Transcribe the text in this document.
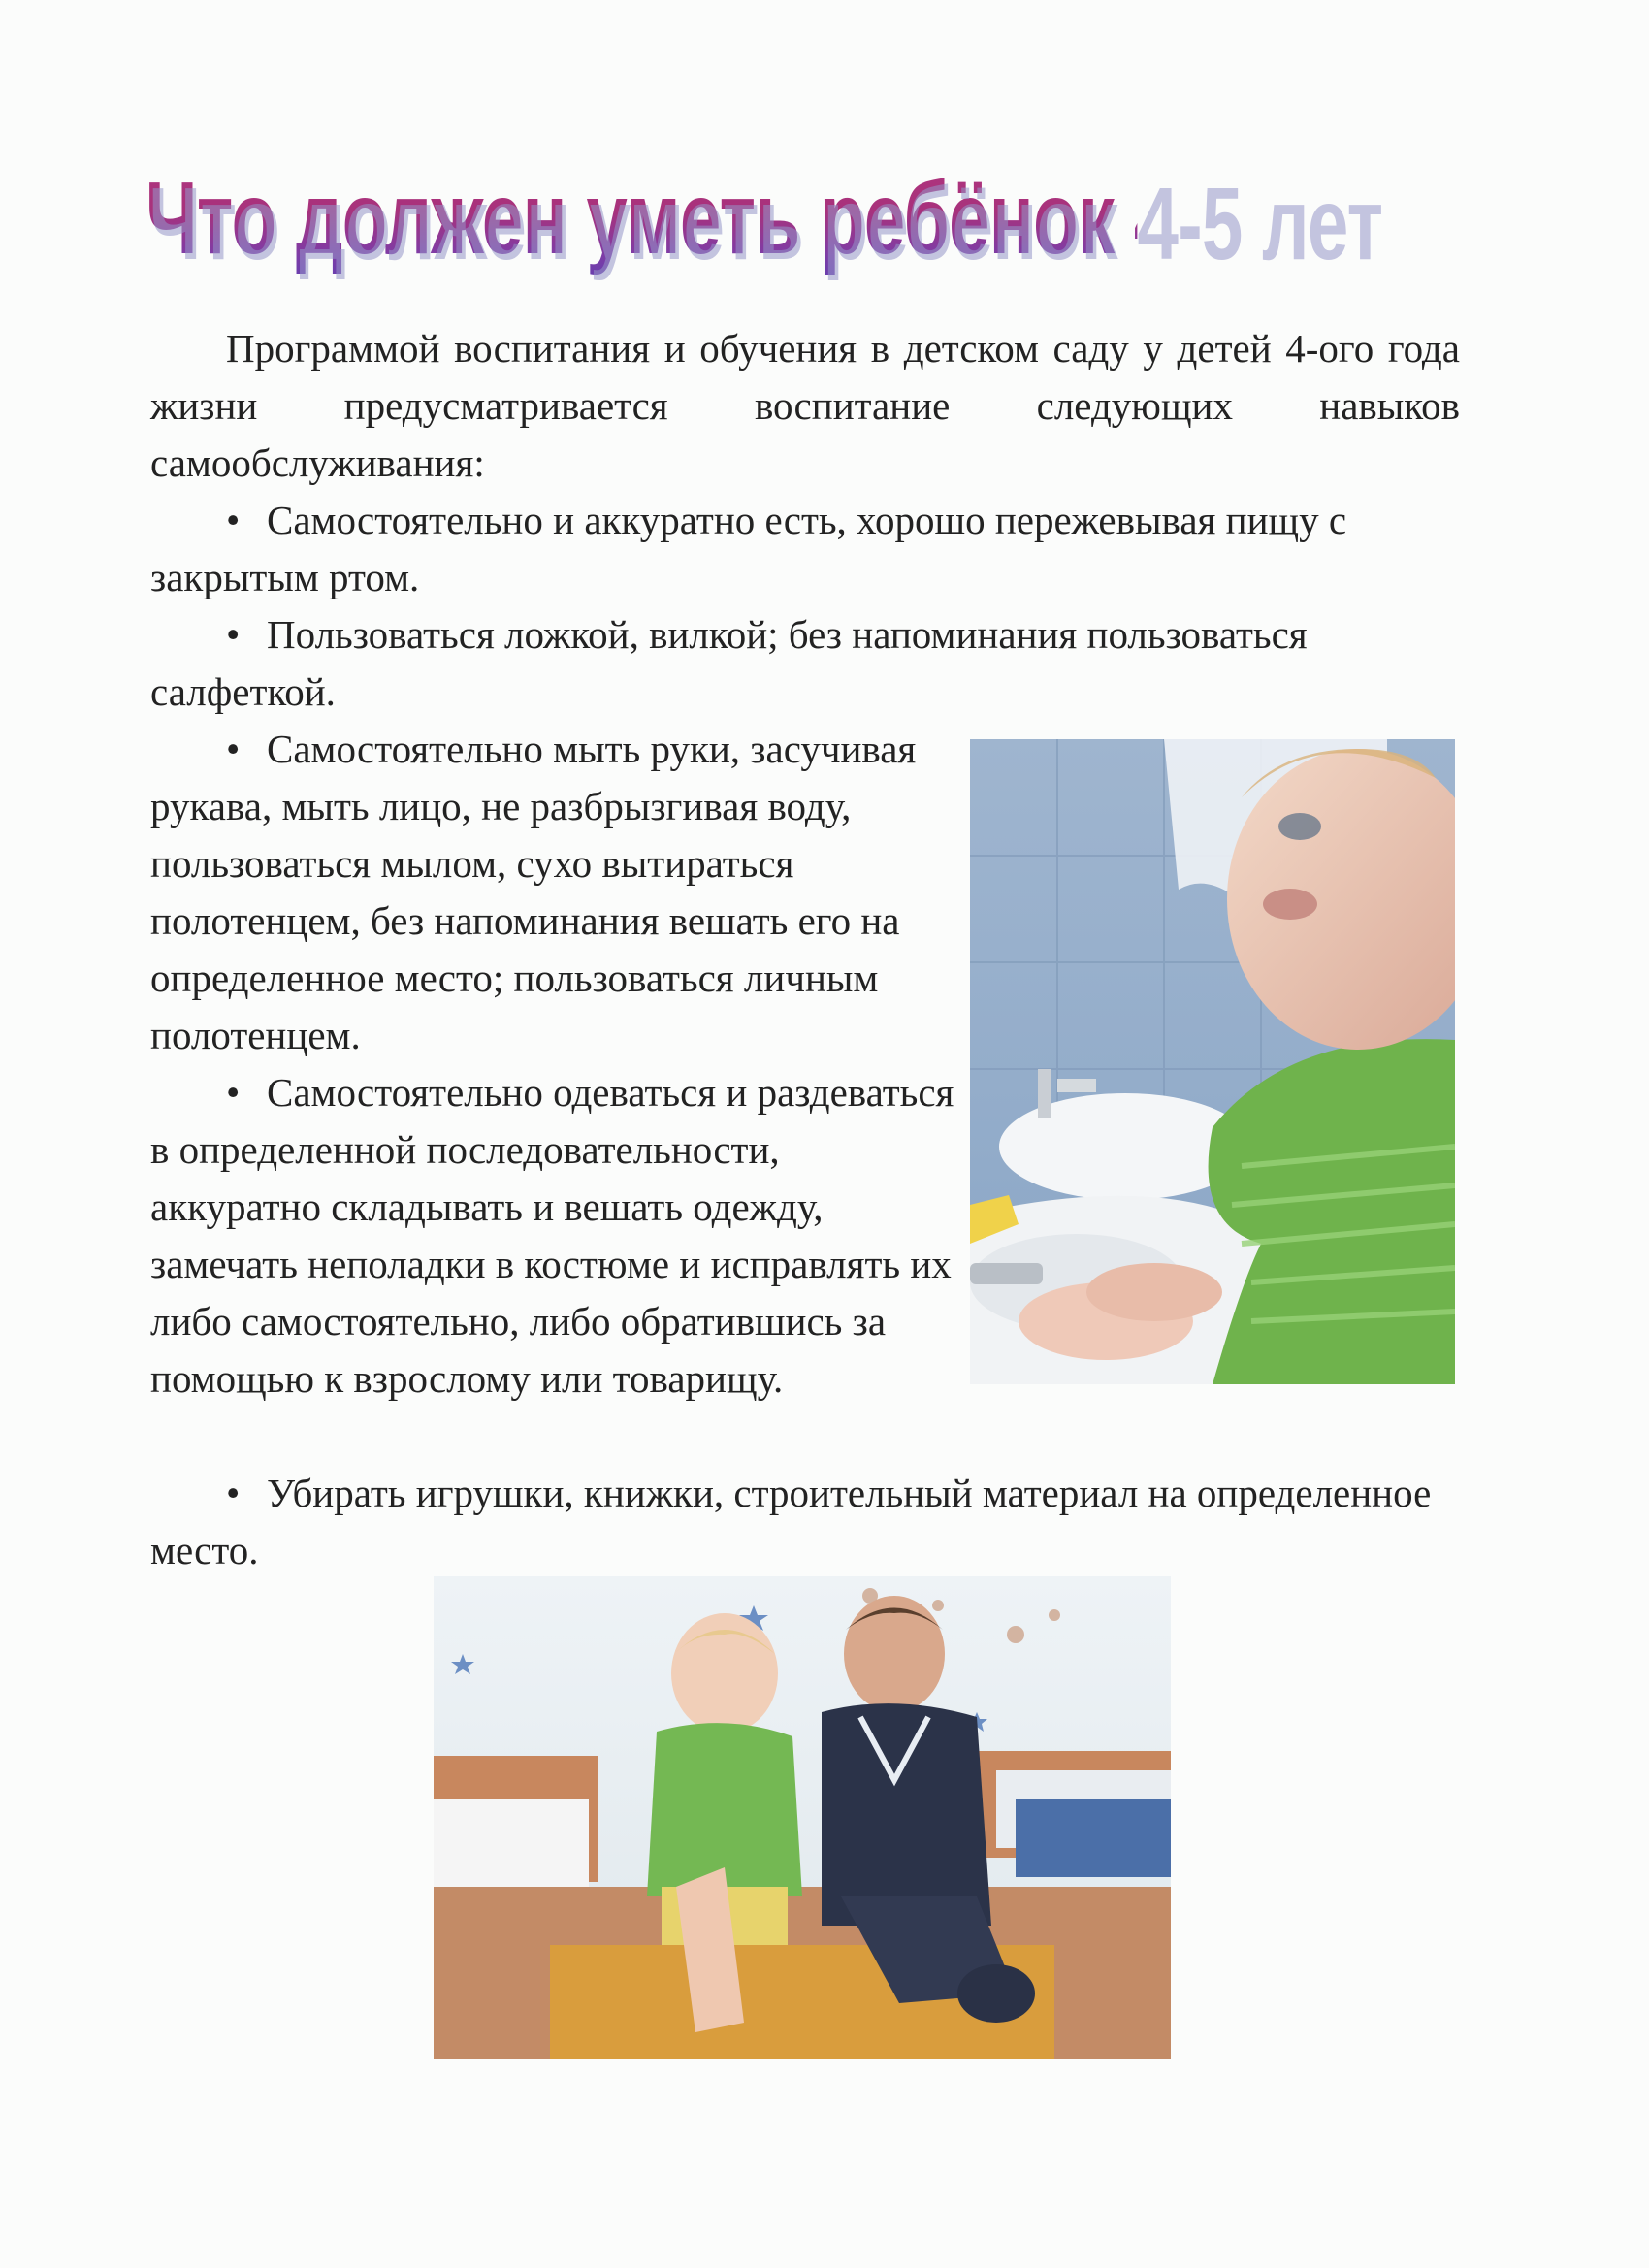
Что должен уметь ребёнок 4-5 лет

Программой воспитания и обучения в детском саду у детей 4-ого года жизни предусматривается воспитание следующих навыков самообслуживания:

• Самостоятельно и аккуратно есть, хорошо пережевывая пищу с закрытым ртом.

• Пользоваться ложкой, вилкой; без напоминания пользоваться салфеткой.

• Самостоятельно мыть руки, засучивая рукава, мыть лицо, не разбрызгивая воду, пользоваться мылом, сухо вытираться полотенцем, без напоминания вешать его на определенное место; пользоваться личным полотенцем.

• Самостоятельно одеваться и раздеваться в определенной последовательности, аккуратно складывать и вешать одежду, замечать неполадки в костюме и исправлять их либо самостоятельно, либо обратившись за помощью к взрослому или товарищу.

• Убирать игрушки, книжки, строительный материал на определенное место.
